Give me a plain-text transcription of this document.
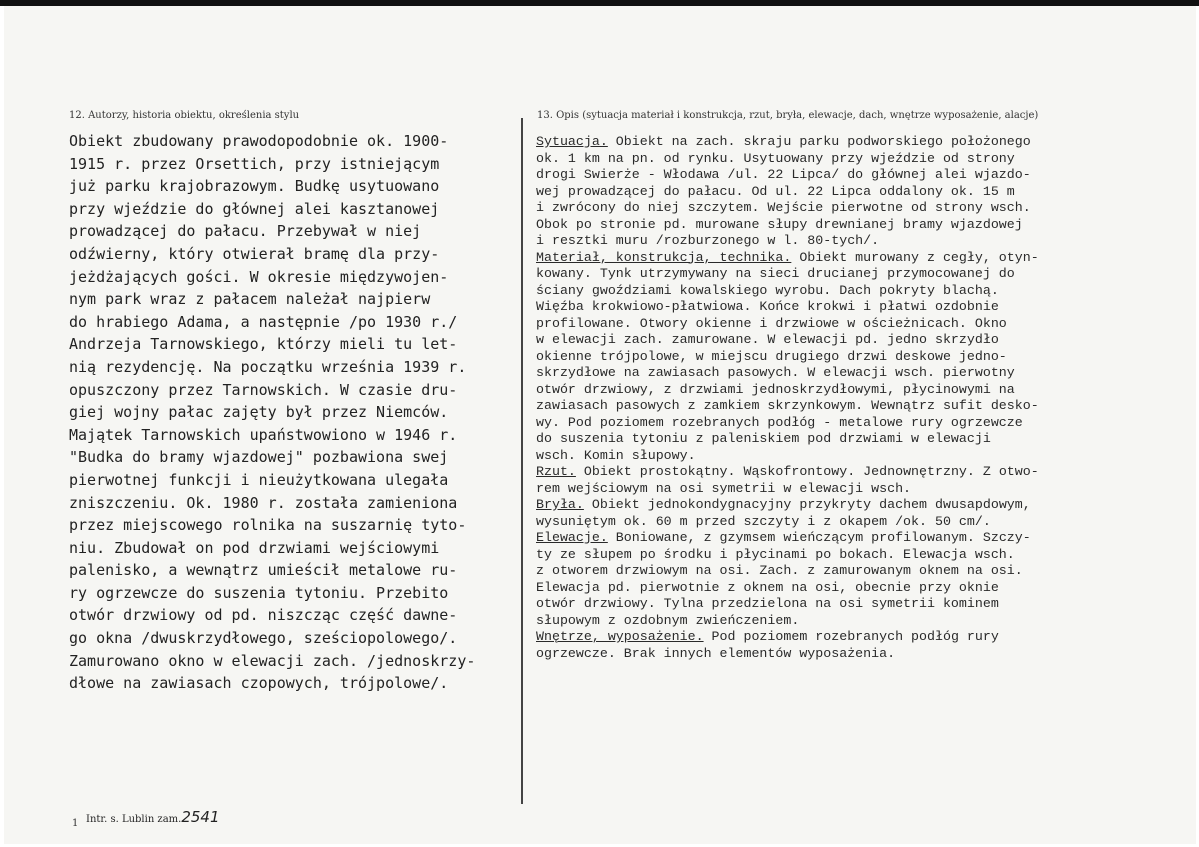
12. Autorzy, historia obiektu, określenia stylu	13. Opis (sytuacja materiał i konstrukcja, rzut, bryła, elewacje, dach, wnętrze wyposażenie, alacje)
Obiekt zbudowany prawodopodobnie ok. 1900-
1915 r. przez Orsettich, przy istniejącym
już parku krajobrazowym. Budkę usytuowano
przy wjeździe do głównej alei kasztanowej
prowadzącej do pałacu. Przebywał w niej
odźwierny, który otwierał bramę dla przy-
jeżdżających gości. W okresie międzywojen-
nym park wraz z pałacem należał najpierw
do hrabiego Adama, a następnie /po 1930 r./
Andrzeja Tarnowskiego, którzy mieli tu let-
nią rezydencję. Na początku września 1939 r.
opuszczony przez Tarnowskich. W czasie dru-
giej wojny pałac zajęty był przez Niemców.
Majątek Tarnowskich upaństwowiono w 1946 r.
"Budka do bramy wjazdowej" pozbawiona swej
pierwotnej funkcji i nieużytkowana ulegała
zniszczeniu. Ok. 1980 r. została zamieniona
przez miejscowego rolnika na suszarnię tyto-
niu. Zbudował on pod drzwiami wejściowymi
palenisko, a wewnątrz umieścił metalowe ru-
ry ogrzewcze do suszenia tytoniu. Przebito
otwór drzwiowy od pd. niszcząc część dawne-
go okna /dwuskrzydłowego, sześciopolowego/.
Zamurowano okno w elewacji zach. /jednoskrzy-
dłowe na zawiasach czopowych, trójpolowe/.
Sytuacja. Obiekt na zach. skraju parku podworskiego położonego
ok. 1 km na pn. od rynku. Usytuowany przy wjeździe od strony
drogi Swierże - Włodawa /ul. 22 Lipca/ do głównej alei wjazdo-
wej prowadzącej do pałacu. Od ul. 22 Lipca oddalony ok. 15 m
i zwrócony do niej szczytem. Wejście pierwotne od strony wsch.
Obok po stronie pd. murowane słupy drewnianej bramy wjazdowej
i resztki muru /rozburzonego w l. 80-tych/.
Materiał, konstrukcja, technika. Obiekt murowany z cegły, otyn-
kowany. Tynk utrzymywany na sieci drucianej przymocowanej do
ściany gwoździami kowalskiego wyrobu. Dach pokryty blachą.
Więźba krokwiowo-płatwiowa. Końce krokwi i płatwi ozdobnie
profilowane. Otwory okienne i drzwiowe w ościeżnicach. Okno
w elewacji zach. zamurowane. W elewacji pd. jedno skrzydło
okienne trójpolowe, w miejscu drugiego drzwi deskowe jedno-
skrzydłowe na zawiasach pasowych. W elewacji wsch. pierwotny
otwór drzwiowy, z drzwiami jednoskrzydłowymi, płycinowymi na
zawiasach pasowych z zamkiem skrzynkowym. Wewnątrz sufit desko-
wy. Pod poziomem rozebranych podłóg - metalowe rury ogrzewcze
do suszenia tytoniu z paleniskiem pod drzwiami w elewacji
wsch. Komin słupowy.
Rzut. Obiekt prostokątny. Wąskofrontowy. Jednownętrzny. Z otwo-
rem wejściowym na osi symetrii w elewacji wsch.
Bryła. Obiekt jednokondygnacyjny przykryty dachem dwusapdowym,
wysuniętym ok. 60 m przed szczyty i z okapem /ok. 50 cm/.
Elewacje. Boniowane, z gzymsem wieńczącym profilowanym. Szczy-
ty ze słupem po środku i płycinami po bokach. Elewacja wsch.
z otworem drzwiowym na osi. Zach. z zamurowanym oknem na osi.
Elewacja pd. pierwotnie z oknem na osi, obecnie przy oknie
otwór drzwiowy. Tylna przedzielona na osi symetrii kominem
słupowym z ozdobnym zwieńczeniem.
Wnętrze, wyposażenie. Pod poziomem rozebranych podłóg rury
ogrzewcze. Brak innych elementów wyposażenia.
Intr. s. Lublin zam.2541
1
